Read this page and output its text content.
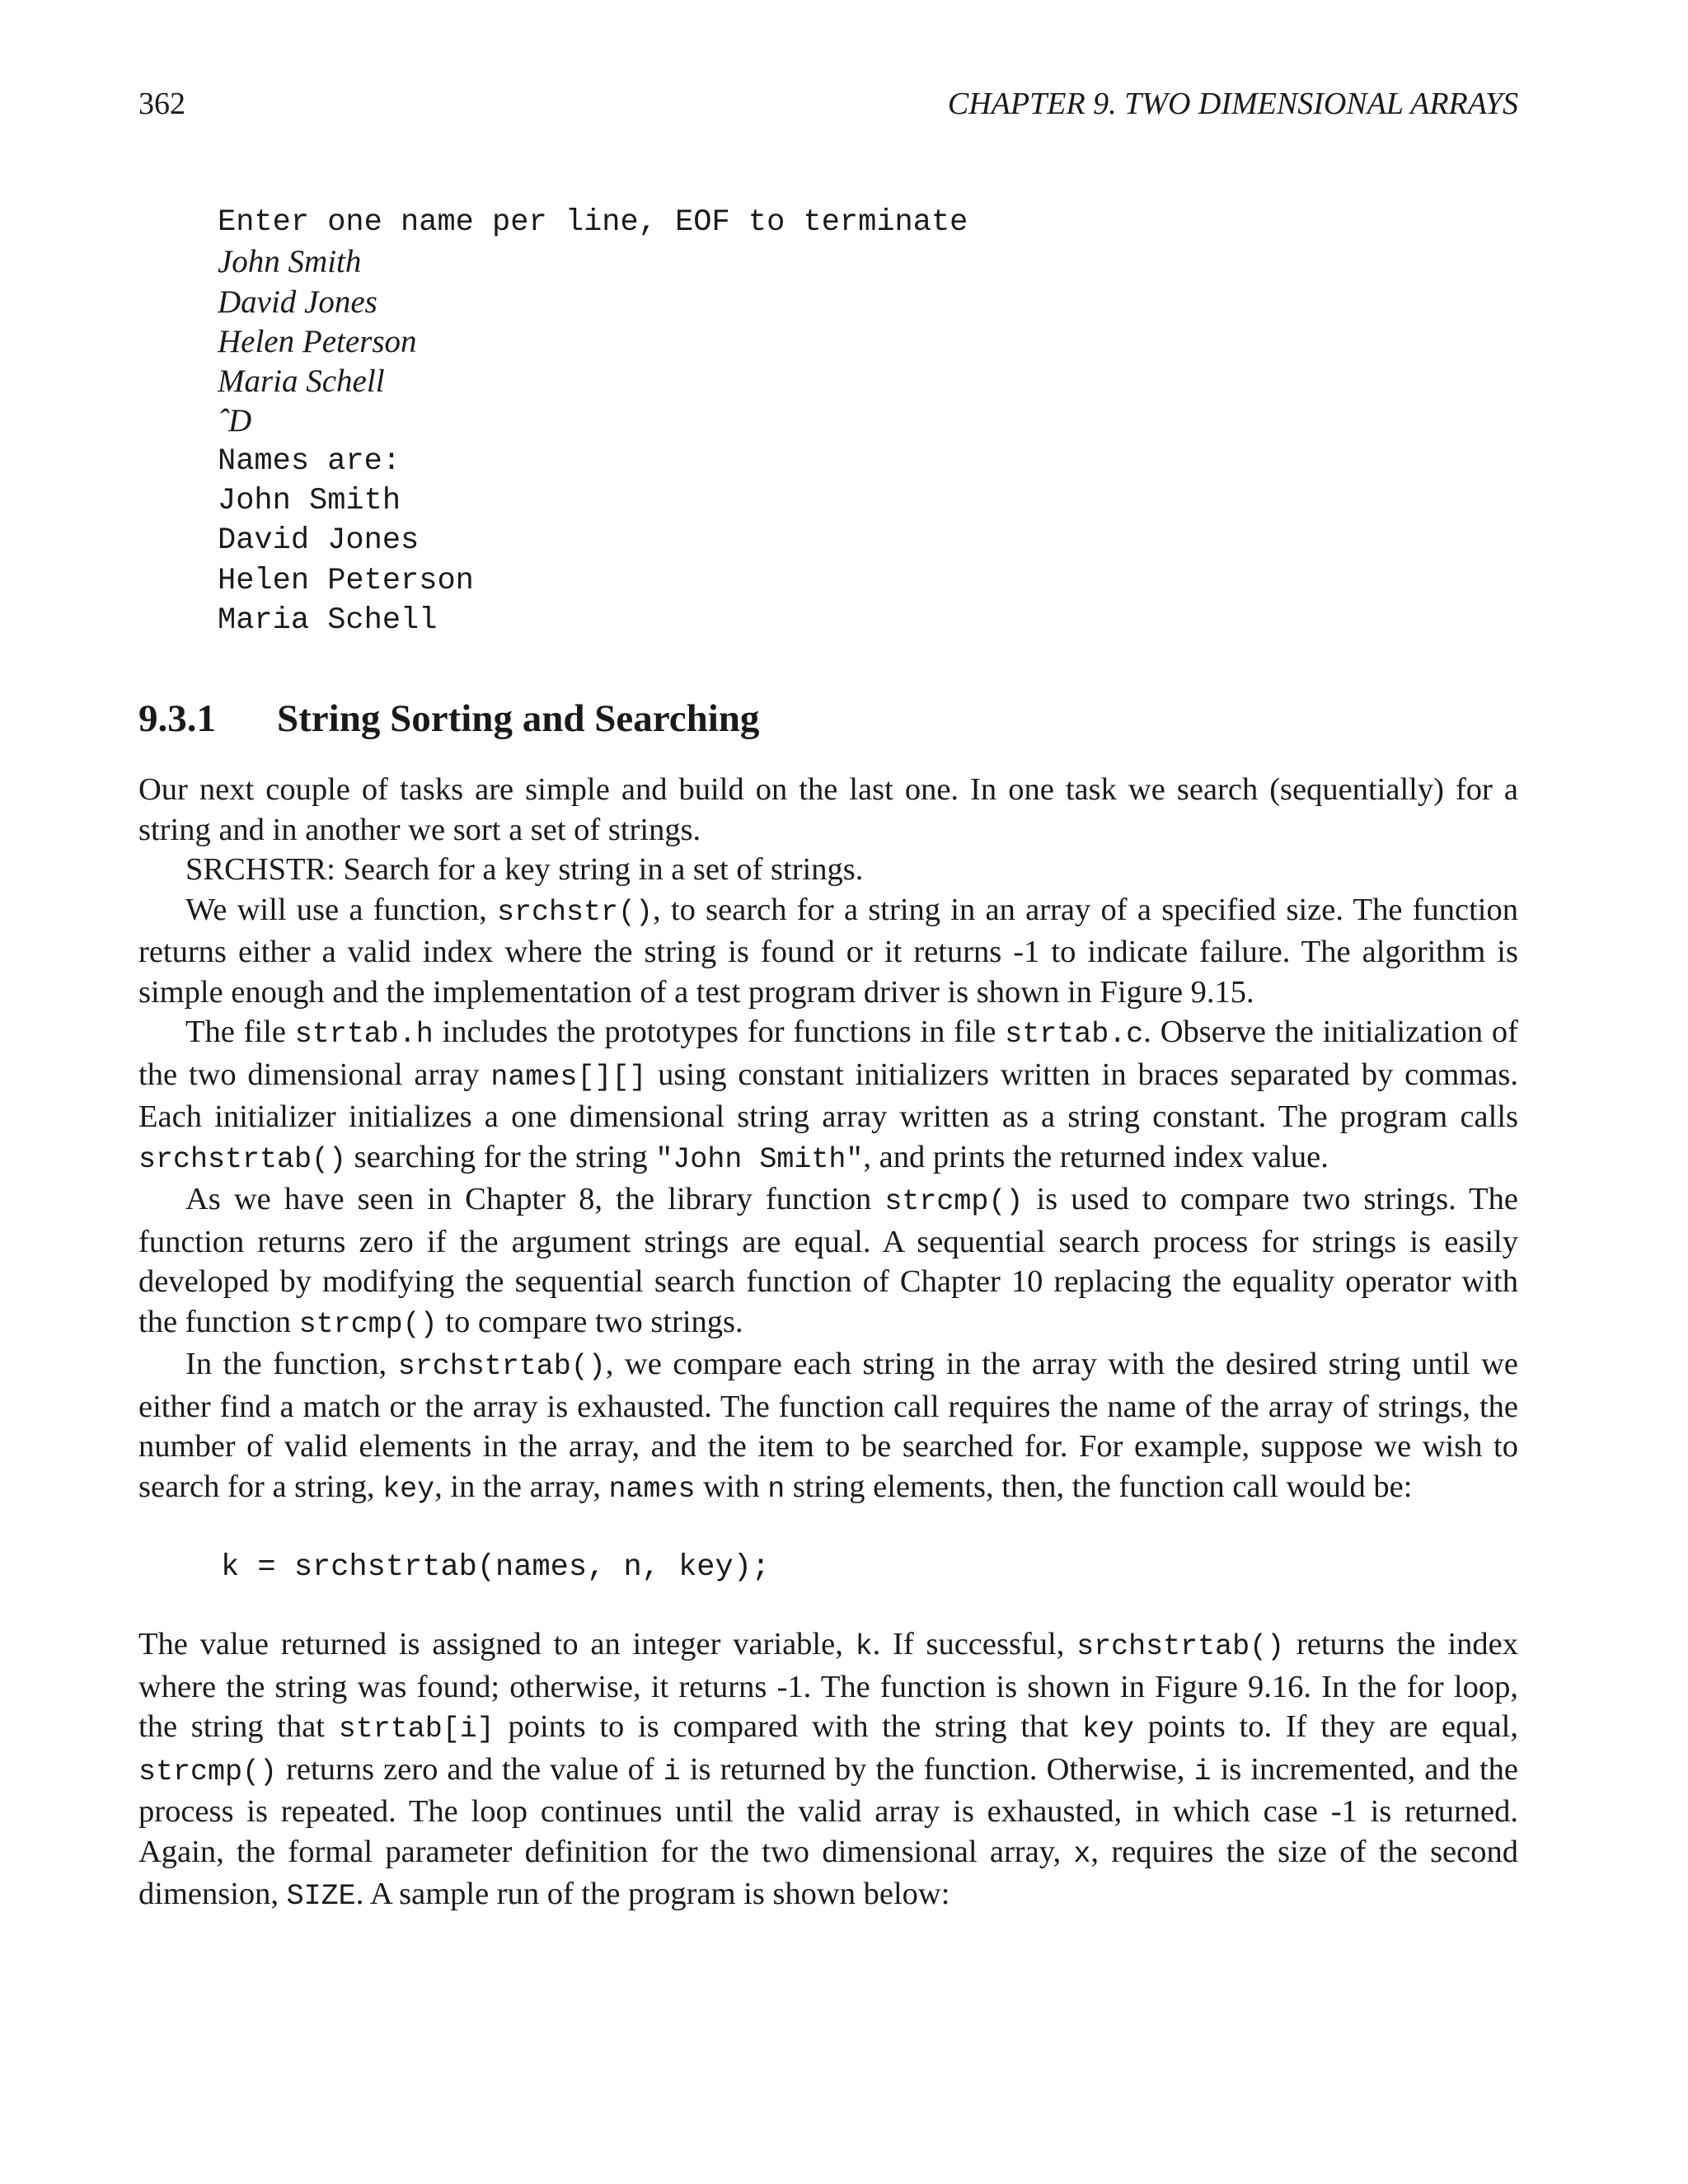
362	CHAPTER 9. TWO DIMENSIONAL ARRAYS
Enter one name per line, EOF to terminate
John Smith
David Jones
Helen Peterson
Maria Schell
ˆD
Names are:
John Smith
David Jones
Helen Peterson
Maria Schell
9.3.1 String Sorting and Searching

Our next couple of tasks are simple and build on the last one. In one task we search (sequentially) for a string and in another we sort a set of strings.

SRCHSTR: Search for a key string in a set of strings.

We will use a function, srchstr(), to search for a string in an array of a specified size. The function returns either a valid index where the string is found or it returns -1 to indicate failure. The algorithm is simple enough and the implementation of a test program driver is shown in Figure 9.15.

The file strtab.h includes the prototypes for functions in file strtab.c. Observe the initialization of the two dimensional array names[][] using constant initializers written in braces separated by commas. Each initializer initializes a one dimensional string array written as a string constant. The program calls srchstrtab() searching for the string "John Smith", and prints the returned index value.

As we have seen in Chapter 8, the library function strcmp() is used to compare two strings. The function returns zero if the argument strings are equal. A sequential search process for strings is easily developed by modifying the sequential search function of Chapter 10 replacing the equality operator with the function strcmp() to compare two strings.

In the function, srchstrtab(), we compare each string in the array with the desired string until we either find a match or the array is exhausted. The function call requires the name of the array of strings, the number of valid elements in the array, and the item to be searched for. For example, suppose we wish to search for a string, key, in the array, names with n string elements, then, the function call would be:

k = srchstrtab(names, n, key);

The value returned is assigned to an integer variable, k. If successful, srchstrtab() returns the index where the string was found; otherwise, it returns -1. The function is shown in Figure 9.16. In the for loop, the string that strtab[i] points to is compared with the string that key points to. If they are equal, strcmp() returns zero and the value of i is returned by the function. Otherwise, i is incremented, and the process is repeated. The loop continues until the valid array is exhausted, in which case -1 is returned. Again, the formal parameter definition for the two dimensional array, x, requires the size of the second dimension, SIZE. A sample run of the program is shown below:
